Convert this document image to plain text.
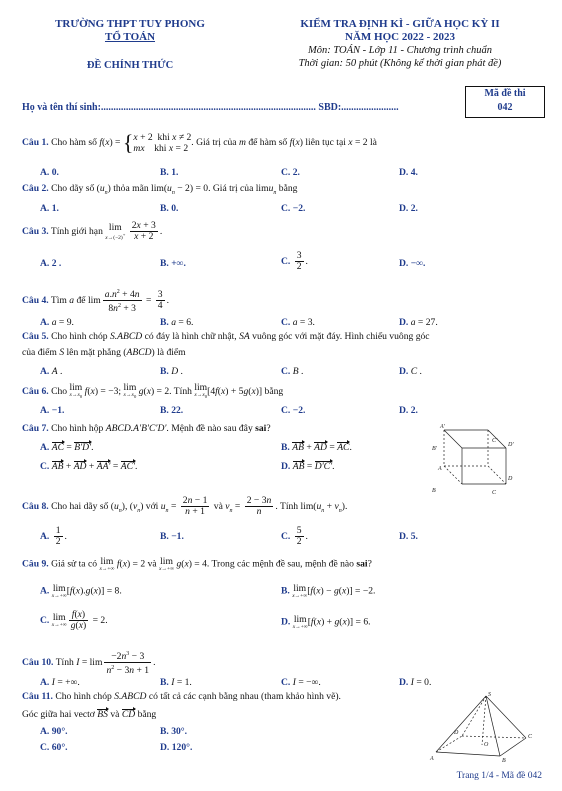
TRƯỜNG THPT TUY PHONG
TỔ TOÁN
ĐỀ CHÍNH THỨC
KIỂM TRA ĐỊNH KÌ - GIỮA HỌC KỲ II
NĂM HỌC 2022 - 2023
Môn: TOÁN - Lớp 11 - Chương trình chuẩn
Thời gian: 50 phút (Không kể thời gian phát đề)
Họ và tên thí sinh:...................................................................................... SBD:.......................
Mã đề thi
042
Câu 1. Cho hàm số f(x) = {x + 2  khi x ≠ 2
mx    khi x = 2. Giá trị của m để hàm số f(x) liên tục tại x = 2 là
A. 0.	B. 1.	C. 2.	D. 4.
Câu 2. Cho dãy số $(u_n)$ thỏa mãn $\lim(u_n - 2) = 0$. Giá trị của limu$_n$ bằng
A. 1.	B. 0.	C. −2.	D. 2.
Câu 3. Tính giới hạn lim
x→(−2)+
$\frac{2x + 3}{x + 2}$ .
A. 2 .	B. +∞.	C. $\frac{3}{2}$ .	D. −∞.
Câu 4. Tìm a để $\lim \frac{a.n^2 + 4n}{8n^2 + 3} = \frac{3}{4}$ .
A. a = 9.	B. a = 6.	C. a = 3.	D. a = 27.
Câu 5. Cho hình chóp S.ABCD có đáy là hình chữ nhật, SA vuông góc với mặt đáy. Hình chiếu vuông góc
của điểm S lên mặt phẳng (ABCD) là điểm
A. A .	B. D .	C. B .	D. C .
Câu 6. Cho lim
$x\to x_0$ f(x) = −3; lim
$x\to x_0$ g(x) = 2. Tính lim
$x\to x_0$ [4f(x) + 5g(x)] bằng
A. −1.	B. 22.	C. −2.	D. 2.
Câu 7. Cho hình hộp ABCD.A'B'C'D'. Mệnh đề nào sau đây sai?
A. AC = B'D'.	B. AB + AD = AC.
C. AB + AD + AA' = AC'.	D. AB = D'C'.
B'
A'
D'
C'
A
B
D
C
Câu 8. Cho hai dãy số $(u_n)$, $(v_n)$ với $u_n = \frac{2n - 1}{n + 1}$ và $v_n = \frac{2 - 3n}{n}$ . Tính $\lim(u_n + v_n)$.
A. $\frac{1}{2}$ .	B. −1.	C. $\frac{5}{2}$ .	D. 5.
Câu 9. Giả sử ta có lim
x→+∞ f(x) = 2 và lim
x→+∞ g(x) = 4. Trong các mệnh đề sau, mệnh đề nào sai?
A. lim
x→+∞ [f(x).g(x)] = 8.	B. lim
x→+∞ [f(x) − g(x)] = −2.
C. lim
$x\to+\infty \frac{f(x)}{g(x)} = 2$.	D. lim
x→+∞ [f(x) + g(x)] = 6.
Câu 10. Tính $I = \lim \frac{-2n^3 - 3}{n^2 - 3n + 1}$ .
A. I = +∞.	B. I = 1.	C. I = −∞.	D. I = 0.
Câu 11. Cho hình chóp S.ABCD có tất cả các cạnh bằng nhau (tham khảo hình vẽ).
Góc giữa hai vectơ BS và CD bằng
A. 90°.	B. 30°.
C. 60°.	D. 120°.
S
A	B
C
D
O
Trang 1/4 - Mã đề 042
